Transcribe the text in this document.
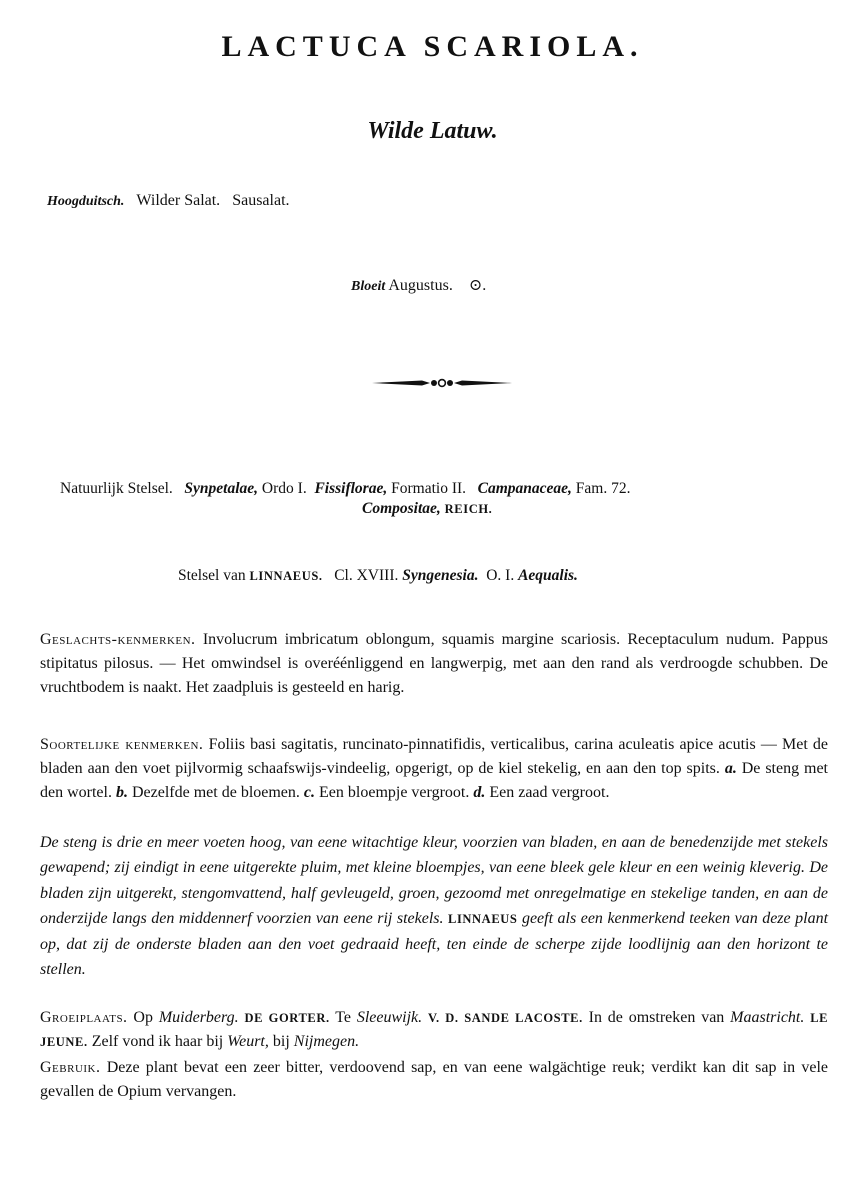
LACTUCA SCARIOLA.
Wilde Latuw.
Hoogduitsch. Wilder Salat. Sausalat.
Bloeit Augustus. ⊙.
Natuurlijk Stelsel. Synpetalae, Ordo I. Fissiflorae, Formatio II. Campanaceae, Fam. 72.
Compositae, REICH.
Stelsel van LINNAEUS. Cl. XVIII. Syngenesia. O. I. Aequalis.
Geslachts-kenmerken. Involucrum imbricatum oblongum, squamis margine scariosis. Receptaculum nudum. Pappus stipitatus pilosus. — Het omwindsel is overéénliggend en langwerpig, met aan den rand als verdroogde schubben. De vruchtbodem is naakt. Het zaadpluis is gesteeld en harig.
Soortelijke kenmerken. Foliis basi sagitatis, runcinato-pinnatifidis, verticalibus, carina aculeatis apice acutis — Met de bladen aan den voet pijlvormig schaafswijs-vindeelig, opgerigt, op de kiel stekelig, en aan den top spits. a. De steng met den wortel. b. Dezelfde met de bloemen. c. Een bloempje vergroot. d. Een zaad vergroot.
De steng is drie en meer voeten hoog, van eene witachtige kleur, voorzien van bladen, en aan de benedenzijde met stekels gewapend; zij eindigt in eene uitgerekte pluim, met kleine bloempjes, van eene bleek gele kleur en een weinig kleverig. De bladen zijn uitgerekt, stengomvattend, half gevleugeld, groen, gezoomd met onregelmatige en stekelige tanden, en aan de onderzijde langs den middennerf voorzien van eene rij stekels. LINNAEUS geeft als een kenmerkend teeken van deze plant op, dat zij de onderste bladen aan den voet gedraaid heeft, ten einde de scherpe zijde loodlijnig aan den horizont te stellen.
Groeiplaats. Op Muiderberg. DE GORTER. Te Sleeuwijk. V. D. SANDE LACOSTE. In de omstreken van Maastricht. LE JEUNE. Zelf vond ik haar bij Weurt, bij Nijmegen.
Gebruik. Deze plant bevat een zeer bitter, verdoovend sap, en van eene walgächtige reuk; verdikt kan dit sap in vele gevallen de Opium vervangen.
